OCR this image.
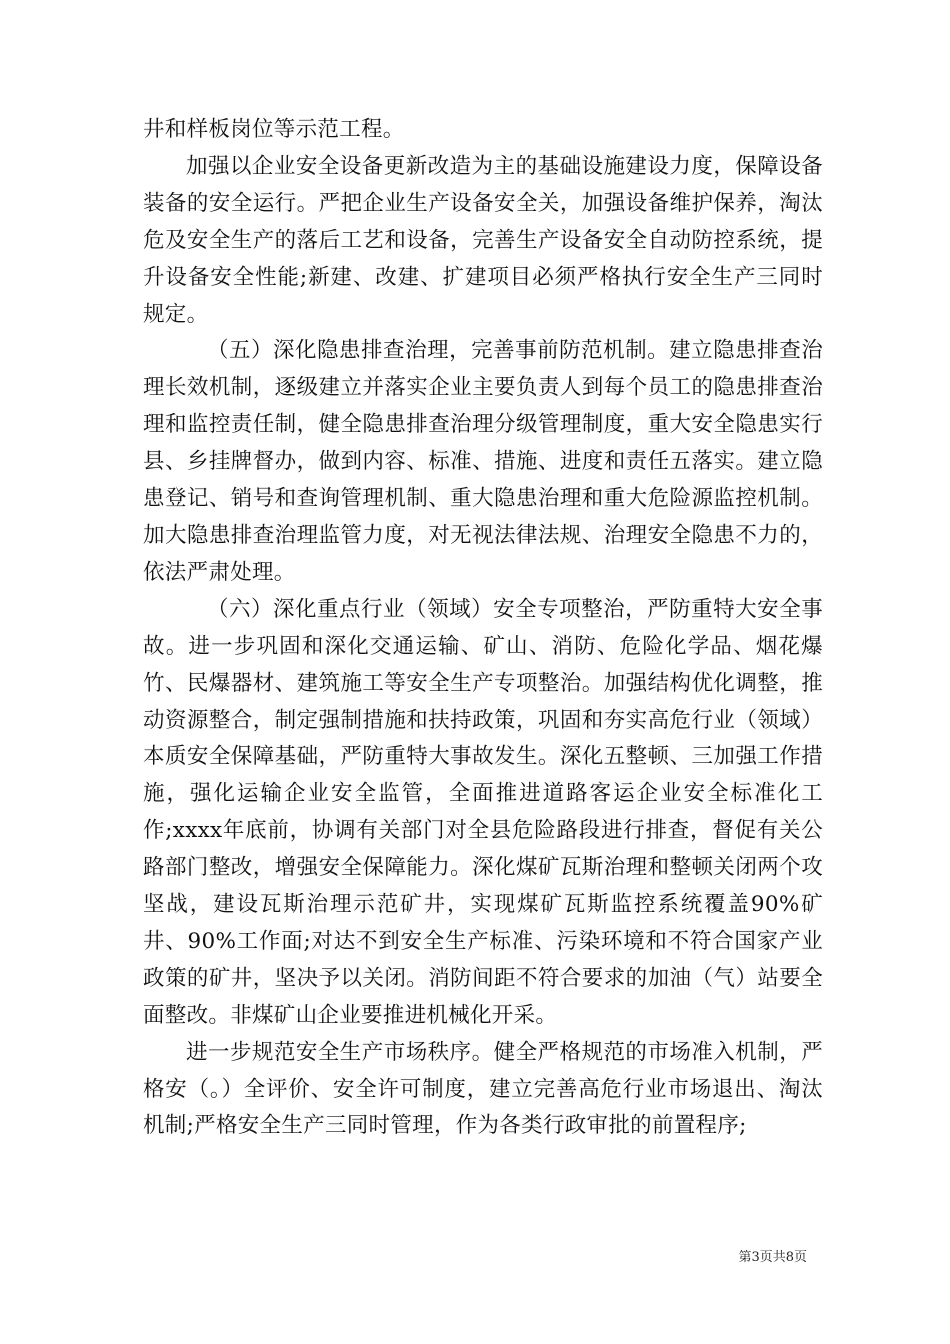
井和样板岗位等示范工程。

加强以企业安全设备更新改造为主的基础设施建设力度，保障设备装备的安全运行。严把企业生产设备安全关，加强设备维护保养，淘汰危及安全生产的落后工艺和设备，完善生产设备安全自动防控系统，提升设备安全性能;新建、改建、扩建项目必须严格执行安全生产三同时规定。

（五）深化隐患排查治理，完善事前防范机制。建立隐患排查治理长效机制，逐级建立并落实企业主要负责人到每个员工的隐患排查治理和监控责任制，健全隐患排查治理分级管理制度，重大安全隐患实行县、乡挂牌督办，做到内容、标准、措施、进度和责任五落实。建立隐患登记、销号和查询管理机制、重大隐患治理和重大危险源监控机制。加大隐患排查治理监管力度，对无视法律法规、治理安全隐患不力的，依法严肃处理。

（六）深化重点行业（领域）安全专项整治，严防重特大安全事故。进一步巩固和深化交通运输、矿山、消防、危险化学品、烟花爆竹、民爆器材、建筑施工等安全生产专项整治。加强结构优化调整，推动资源整合，制定强制措施和扶持政策，巩固和夯实高危行业（领域）本质安全保障基础，严防重特大事故发生。深化五整顿、三加强工作措施，强化运输企业安全监管，全面推进道路客运企业安全标准化工作;xxxx年底前，协调有关部门对全县危险路段进行排查，督促有关公路部门整改，增强安全保障能力。深化煤矿瓦斯治理和整顿关闭两个攻坚战，建设瓦斯治理示范矿井，实现煤矿瓦斯监控系统覆盖90%矿井、90%工作面;对达不到安全生产标准、污染环境和不符合国家产业政策的矿井，坚决予以关闭。消防间距不符合要求的加油（气）站要全面整改。非煤矿山企业要推进机械化开采。

进一步规范安全生产市场秩序。健全严格规范的市场准入机制，严格安（。）全评价、安全许可制度，建立完善高危行业市场退出、淘汰机制;严格安全生产三同时管理，作为各类行政审批的前置程序;

第3页共8页
